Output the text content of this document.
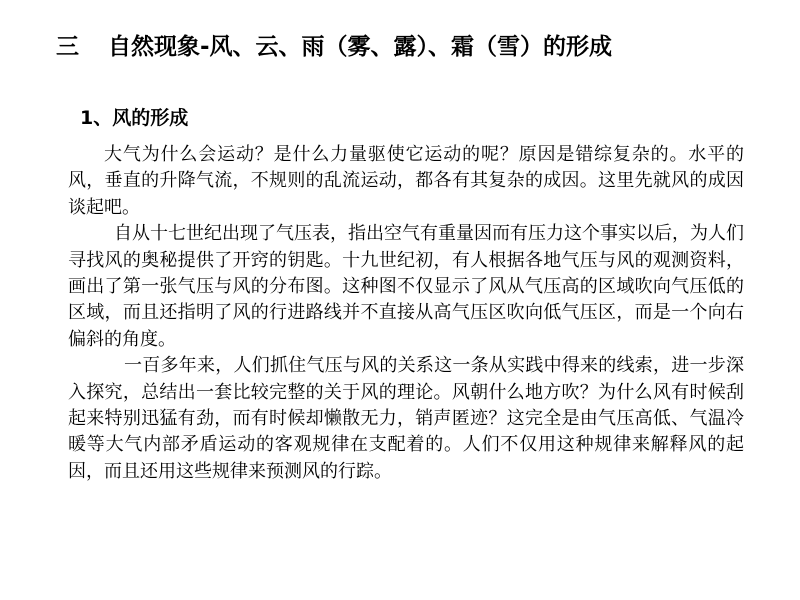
三 自然现象-风、云、雨（雾、露）、霜（雪）的形成
1、风的形成

大气为什么会运动？是什么力量驱使它运动的呢？原因是错综复杂的。水平的风，垂直的升降气流，不规则的乱流运动，都各有其复杂的成因。这里先就风的成因谈起吧。

自从十七世纪出现了气压表，指出空气有重量因而有压力这个事实以后，为人们寻找风的奥秘提供了开窍的钥匙。十九世纪初，有人根据各地气压与风的观测资料，画出了第一张气压与风的分布图。这种图不仅显示了风从气压高的区域吹向气压低的区域，而且还指明了风的行进路线并不直接从高气压区吹向低气压区，而是一个向右偏斜的角度。

一百多年来，人们抓住气压与风的关系这一条从实践中得来的线索，进一步深入探究，总结出一套比较完整的关于风的理论。风朝什么地方吹？为什么风有时候刮起来特别迅猛有劲，而有时候却懒散无力，销声匿迹？这完全是由气压高低、气温冷暖等大气内部矛盾运动的客观规律在支配着的。人们不仅用这种规律来解释风的起因，而且还用这些规律来预测风的行踪。
